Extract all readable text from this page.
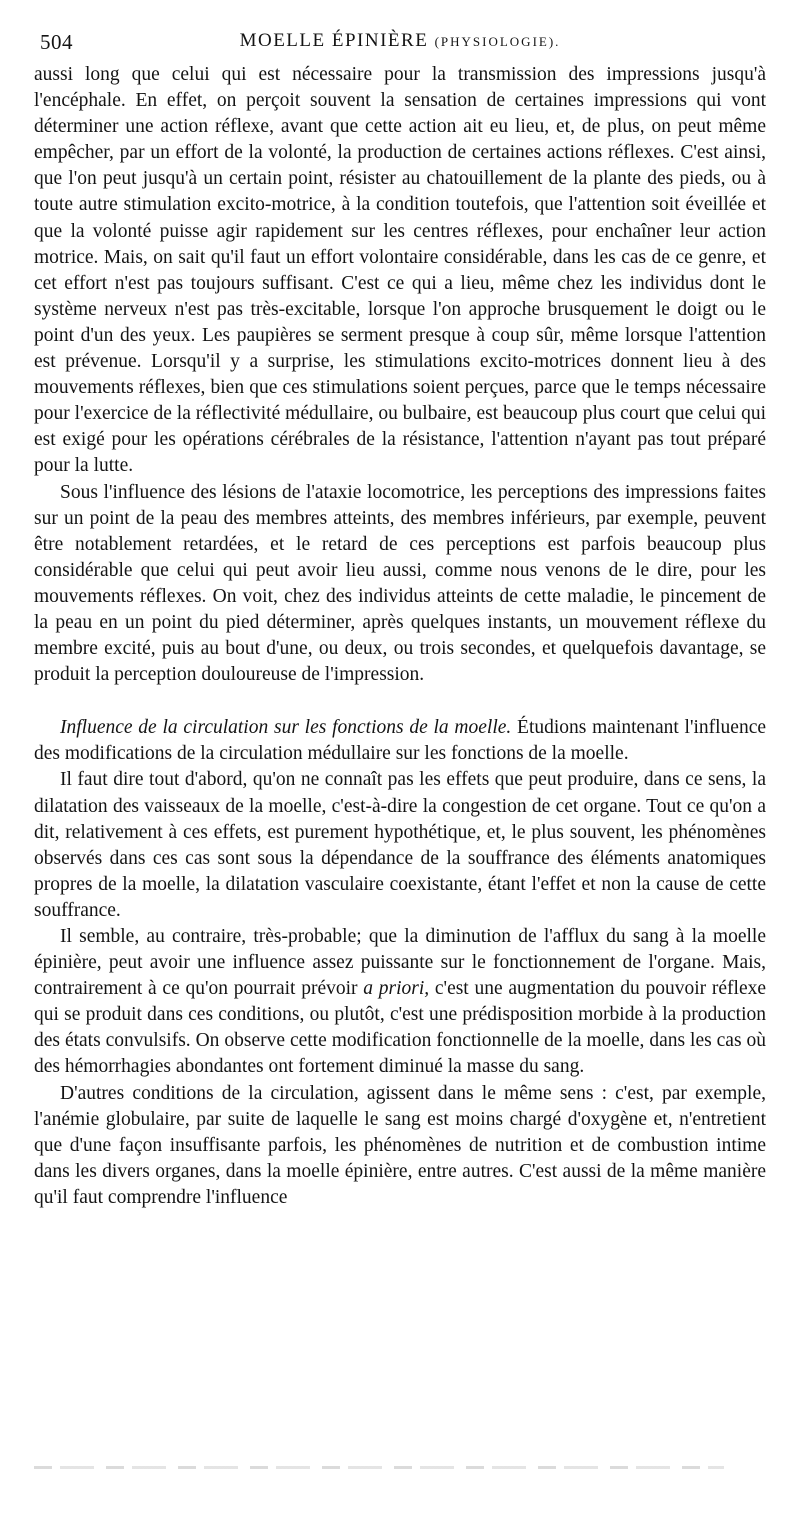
504	MOELLE ÉPINIÈRE (PHYSIOLOGIE).

aussi long que celui qui est nécessaire pour la transmission des impressions jusqu'à l'encéphale. En effet, on perçoit souvent la sensation de certaines impressions qui vont déterminer une action réflexe, avant que cette action ait eu lieu, et, de plus, on peut même empêcher, par un effort de la volonté, la production de certaines actions réflexes. C'est ainsi, que l'on peut jusqu'à un certain point, résister au chatouillement de la plante des pieds, ou à toute autre stimulation excito-motrice, à la condition toutefois, que l'attention soit éveillée et que la volonté puisse agir rapidement sur les centres réflexes, pour enchaîner leur action motrice. Mais, on sait qu'il faut un effort volontaire considérable, dans les cas de ce genre, et cet effort n'est pas toujours suffisant. C'est ce qui a lieu, même chez les individus dont le système nerveux n'est pas très-excitable, lorsque l'on approche brusquement le doigt ou le point d'un des yeux. Les paupières se serment presque à coup sûr, même lorsque l'attention est prévenue. Lorsqu'il y a surprise, les stimulations excito-motrices donnent lieu à des mouvements réflexes, bien que ces stimulations soient perçues, parce que le temps nécessaire pour l'exercice de la réflectivité médullaire, ou bulbaire, est beaucoup plus court que celui qui est exigé pour les opérations cérébrales de la résistance, l'attention n'ayant pas tout préparé pour la lutte.

Sous l'influence des lésions de l'ataxie locomotrice, les perceptions des impressions faites sur un point de la peau des membres atteints, des membres inférieurs, par exemple, peuvent être notablement retardées, et le retard de ces perceptions est parfois beaucoup plus considérable que celui qui peut avoir lieu aussi, comme nous venons de le dire, pour les mouvements réflexes. On voit, chez des individus atteints de cette maladie, le pincement de la peau en un point du pied déterminer, après quelques instants, un mouvement réflexe du membre excité, puis au bout d'une, ou deux, ou trois secondes, et quelquefois davantage, se produit la perception douloureuse de l'impression.

Influence de la circulation sur les fonctions de la moelle. Étudions maintenant l'influence des modifications de la circulation médullaire sur les fonctions de la moelle.

Il faut dire tout d'abord, qu'on ne connaît pas les effets que peut produire, dans ce sens, la dilatation des vaisseaux de la moelle, c'est-à-dire la congestion de cet organe. Tout ce qu'on a dit, relativement à ces effets, est purement hypothétique, et, le plus souvent, les phénomènes observés dans ces cas sont sous la dépendance de la souffrance des éléments anatomiques propres de la moelle, la dilatation vasculaire coexistante, étant l'effet et non la cause de cette souffrance.

Il semble, au contraire, très-probable; que la diminution de l'afflux du sang à la moelle épinière, peut avoir une influence assez puissante sur le fonctionnement de l'organe. Mais, contrairement à ce qu'on pourrait prévoir a priori, c'est une augmentation du pouvoir réflexe qui se produit dans ces conditions, ou plutôt, c'est une prédisposition morbide à la production des états convulsifs. On observe cette modification fonctionnelle de la moelle, dans les cas où des hémorrhagies abondantes ont fortement diminué la masse du sang.

D'autres conditions de la circulation, agissent dans le même sens : c'est, par exemple, l'anémie globulaire, par suite de laquelle le sang est moins chargé d'oxygène et, n'entretient que d'une façon insuffisante parfois, les phénomènes de nutrition et de combustion intime dans les divers organes, dans la moelle épinière, entre autres. C'est aussi de la même manière qu'il faut comprendre l'influence
